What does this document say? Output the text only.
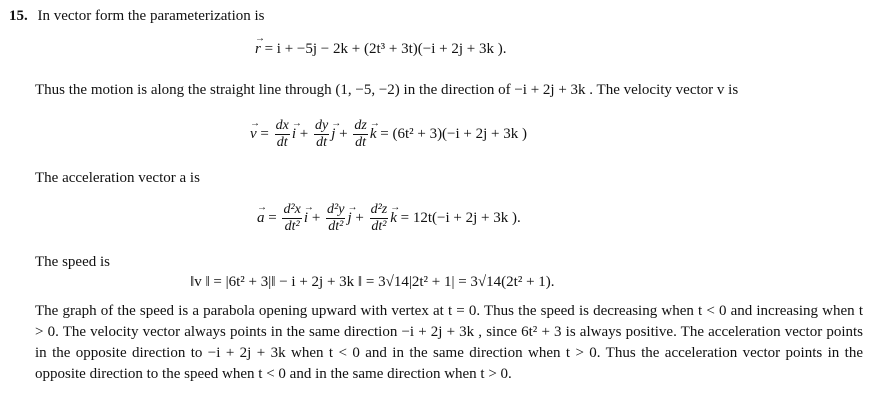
15. In vector form the parameterization is
→ r = i + −5j − 2k + (2t³ + 3t)(−i + 2j + 3k ).
Thus the motion is along the straight line through (1, −5, −2) in the direction of −i + 2j + 3k . The velocity vector v is
→ $v = \frac{dx}{dt}$
→ $i + \frac{dy}{dt}$
→ $j + \frac{dz}{dt}$
→ k = (6t² + 3)(−i + 2j + 3k )
The acceleration vector a is
→ $a = \frac{\text{d²x}}{\text{dt²}}$
→ $i + \frac{\text{d²y}}{\text{dt²}}$
→ $j + \frac{\text{d²z}}{\text{dt²}}$
→ k = 12t(−i + 2j + 3k ).
The speed is
‖v ‖ = |6t² + 3|‖ − i + 2j + 3k ‖ = 3√14|2t² + 1| = 3√14(2t² + 1).
The graph of the speed is a parabola opening upward with vertex at t = 0. Thus the speed is decreasing when t < 0 and increasing when t > 0. The velocity vector always points in the same direction −i + 2j + 3k , since 6t² + 3 is always positive. The acceleration vector points in the opposite direction to −i + 2j + 3k when t < 0 and in the same direction when t > 0. Thus the acceleration vector points in the opposite direction to the speed when t < 0 and in the same direction when t > 0.
